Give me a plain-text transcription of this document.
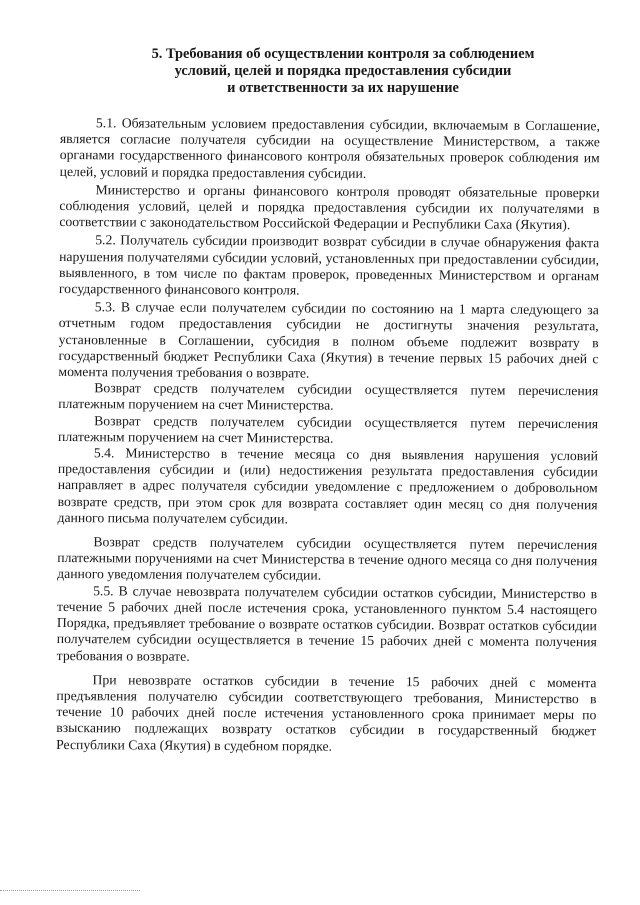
5. Требования об осуществлении контроля за соблюдением
условий, целей и порядка предоставления субсидии
и ответственности за их нарушение

5.1. Обязательным условием предоставления субсидии, включаемым в Соглашение, является согласие получателя субсидии на осуществление Министерством, а также органами государственного финансового контроля обязательных проверок соблюдения им целей, условий и порядка предоставления субсидии.

Министерство и органы финансового контроля проводят обязательные проверки соблюдения условий, целей и порядка предоставления субсидии их получателями в соответствии с законодательством Российской Федерации и Республики Саха (Якутия).

5.2. Получатель субсидии производит возврат субсидии в случае обнаружения факта нарушения получателями субсидии условий, установленных при предоставлении субсидии, выявленного, в том числе по фактам проверок, проведенных Министерством и органам государственного финансового контроля.

5.3. В случае если получателем субсидии по состоянию на 1 марта следующего за отчетным годом предоставления субсидии не достигнуты значения результата, установленные в Соглашении, субсидия в полном объеме подлежит возврату в государственный бюджет Республики Саха (Якутия) в течение первых 15 рабочих дней с момента получения требования о возврате.

Возврат средств получателем субсидии осуществляется путем перечисления платежным поручением на счет Министерства.

Возврат средств получателем субсидии осуществляется путем перечисления платежным поручением на счет Министерства.

5.4. Министерство в течение месяца со дня выявления нарушения условий предоставления субсидии и (или) недостижения результата предоставления субсидии направляет в адрес получателя субсидии уведомление с предложением о добровольном возврате средств, при этом срок для возврата составляет один месяц со дня получения данного письма получателем субсидии.

Возврат средств получателем субсидии осуществляется путем перечисления платежными поручениями на счет Министерства в течение одного месяца со дня получения данного уведомления получателем субсидии.

5.5. В случае невозврата получателем субсидии остатков субсидии, Министерство в течение 5 рабочих дней после истечения срока, установленного пунктом 5.4 настоящего Порядка, предъявляет требование о возврате остатков субсидии. Возврат остатков субсидии получателем субсидии осуществляется в течение 15 рабочих дней с момента получения требования о возврате.

При невозврате остатков субсидии в течение 15 рабочих дней с момента предъявления получателю субсидии соответствующего требования, Министерство в течение 10 рабочих дней после истечения установленного срока принимает меры по взысканию подлежащих возврату остатков субсидии в государственный бюджет Республики Саха (Якутия) в судебном порядке.
